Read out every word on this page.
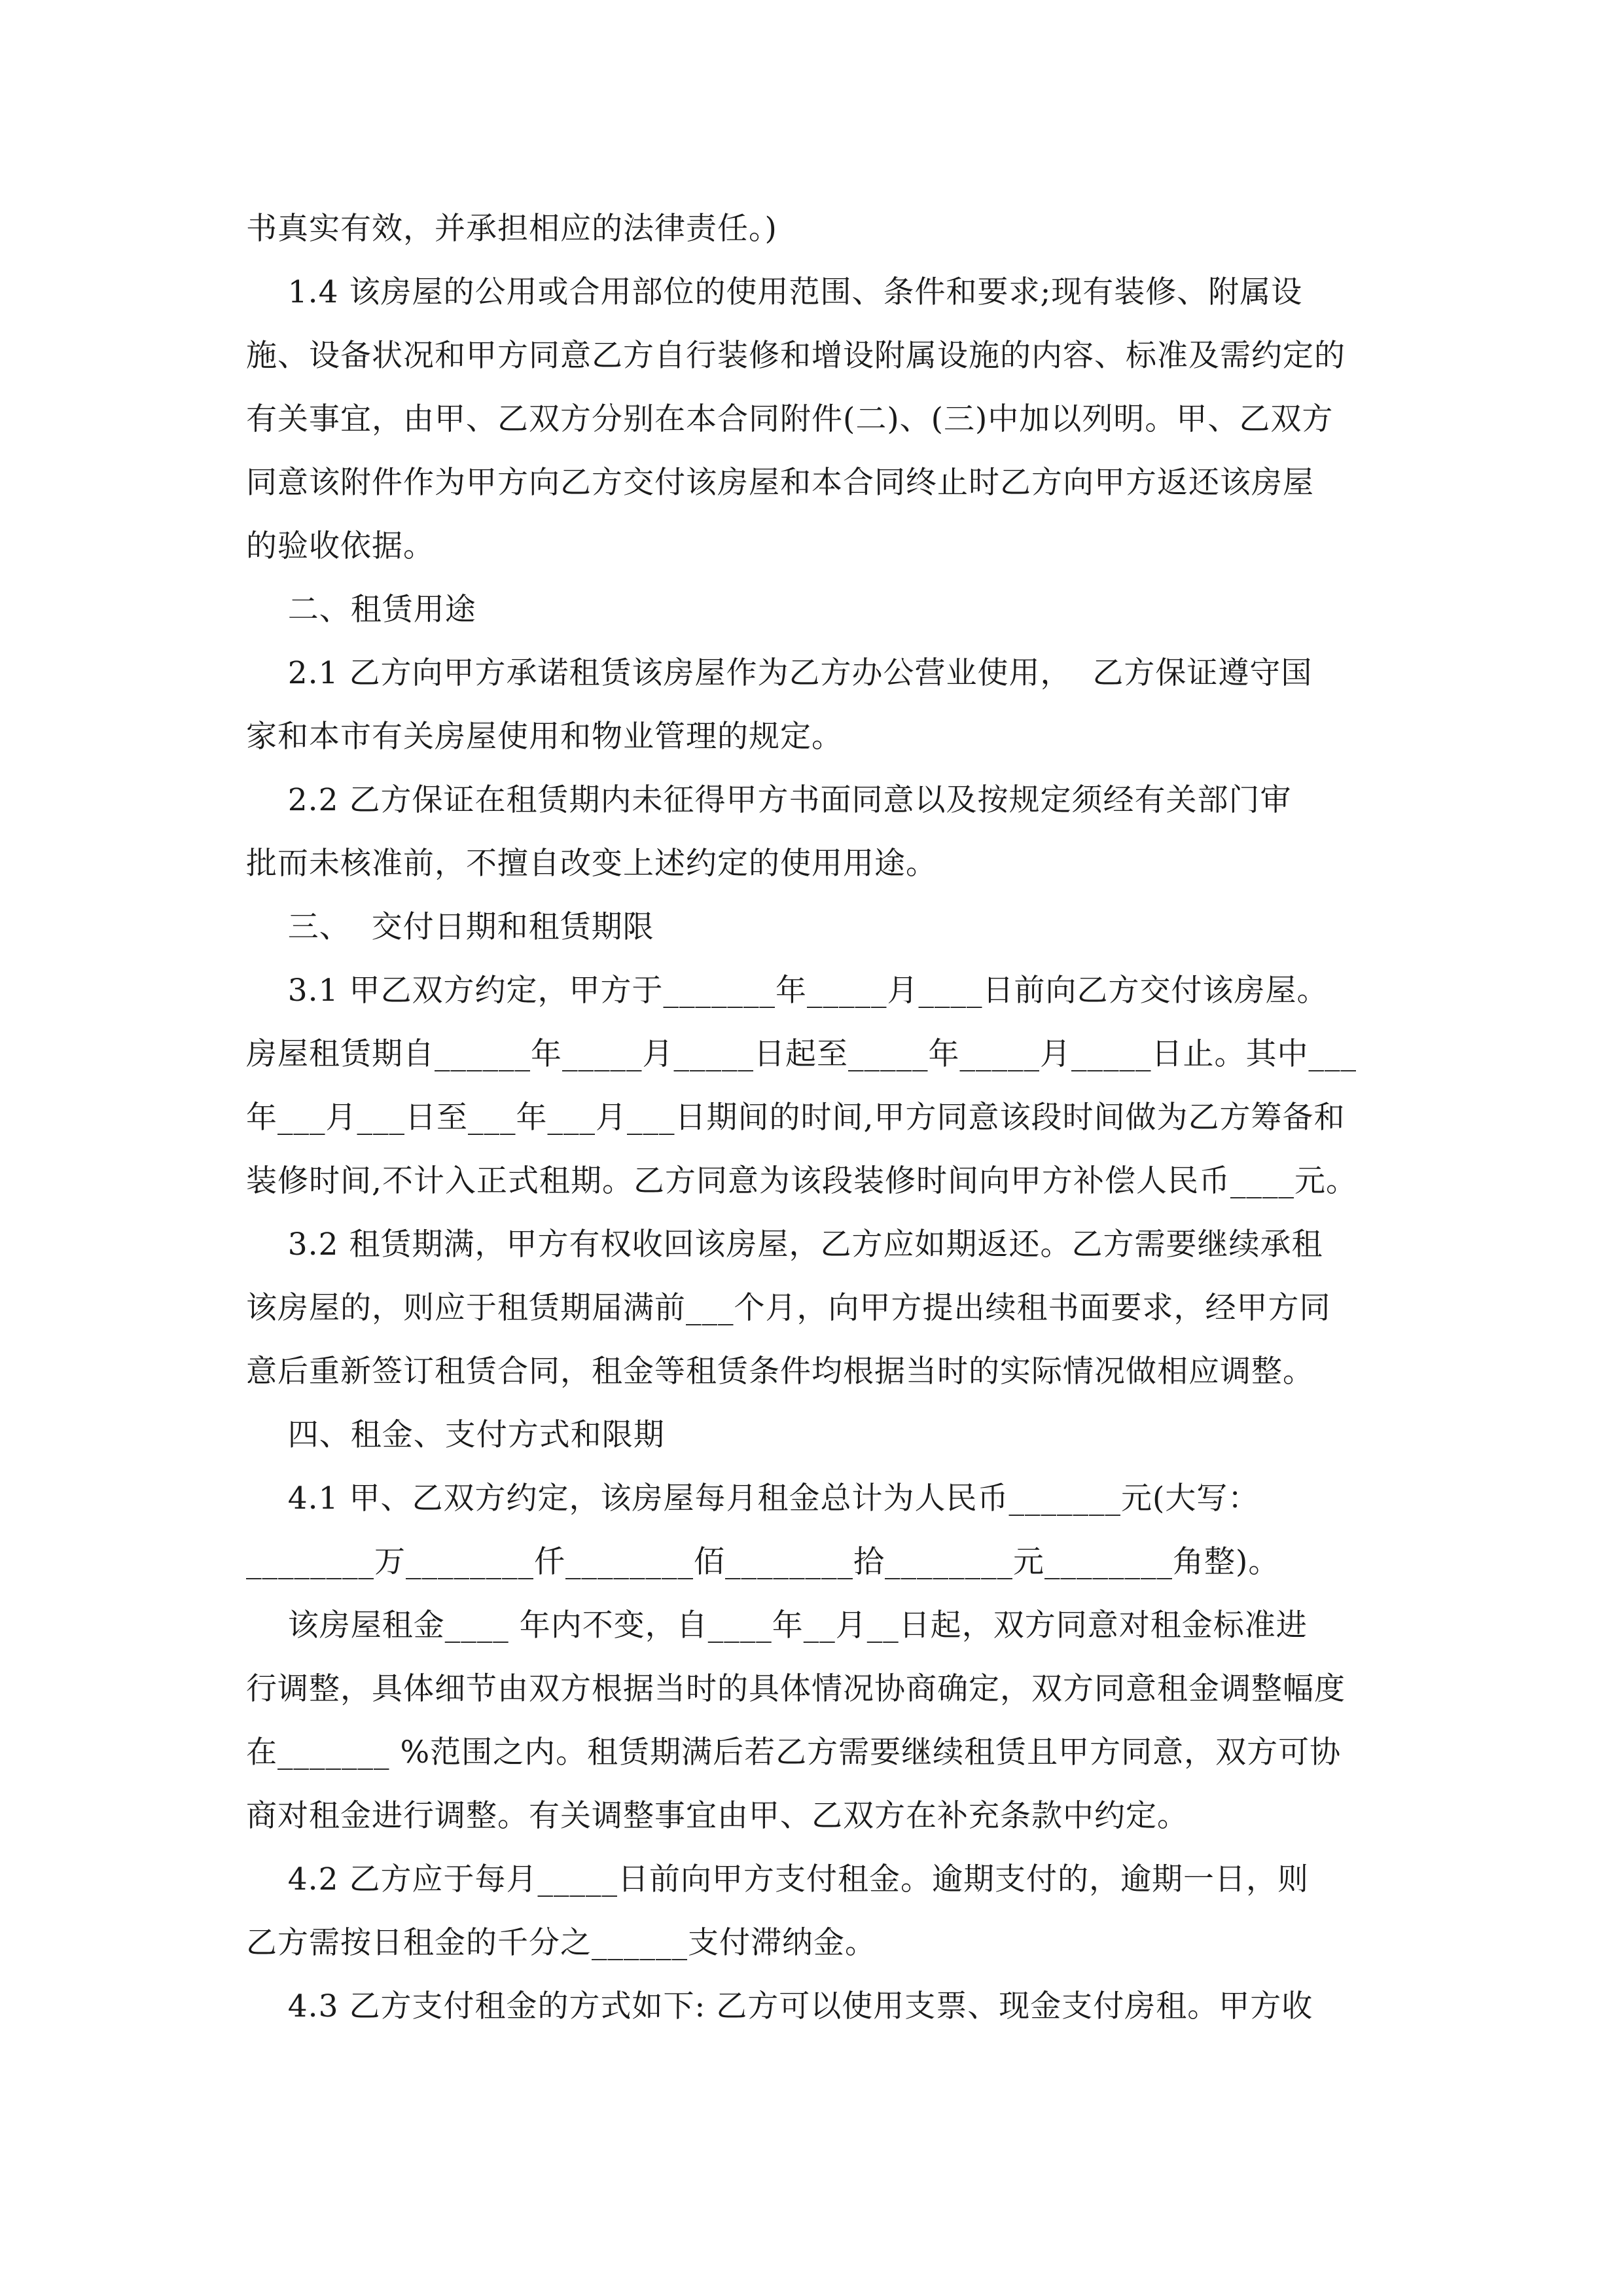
书真实有效，并承担相应的法律责任。)
1.4 该房屋的公用或合用部位的使用范围、条件和要求;现有装修、附属设
施、设备状况和甲方同意乙方自行装修和增设附属设施的内容、标准及需约定的
有关事宜，由甲、乙双方分别在本合同附件(二)、(三)中加以列明。甲、乙双方
同意该附件作为甲方向乙方交付该房屋和本合同终止时乙方向甲方返还该房屋
的验收依据。
二、租赁用途
2.1 乙方向甲方承诺租赁该房屋作为乙方办公营业使用，  乙方保证遵守国
家和本市有关房屋使用和物业管理的规定。
2.2 乙方保证在租赁期内未征得甲方书面同意以及按规定须经有关部门审
批而未核准前，不擅自改变上述约定的使用用途。
三、  交付日期和租赁期限
3.1 甲乙双方约定，甲方于_______年_____月____日前向乙方交付该房屋。
房屋租赁期自______年_____月_____日起至_____年_____月_____日止。其中___
年___月___日至___年___月___日期间的时间,甲方同意该段时间做为乙方筹备和
装修时间,不计入正式租期。乙方同意为该段装修时间向甲方补偿人民币____元。
3.2 租赁期满，甲方有权收回该房屋，乙方应如期返还。乙方需要继续承租
该房屋的，则应于租赁期届满前___个月，向甲方提出续租书面要求，经甲方同
意后重新签订租赁合同，租金等租赁条件均根据当时的实际情况做相应调整。
四、租金、支付方式和限期
4.1 甲、乙双方约定，该房屋每月租金总计为人民币_______元(大写：
________万________仟________佰________拾________元________角整)。
该房屋租金____ 年内不变，自____年__月__日起，双方同意对租金标准进
行调整，具体细节由双方根据当时的具体情况协商确定，双方同意租金调整幅度
在_______ %范围之内。租赁期满后若乙方需要继续租赁且甲方同意，双方可协
商对租金进行调整。有关调整事宜由甲、乙双方在补充条款中约定。
4.2 乙方应于每月_____日前向甲方支付租金。逾期支付的，逾期一日，则
乙方需按日租金的千分之______支付滞纳金。
4.3 乙方支付租金的方式如下: 乙方可以使用支票、现金支付房租。甲方收
